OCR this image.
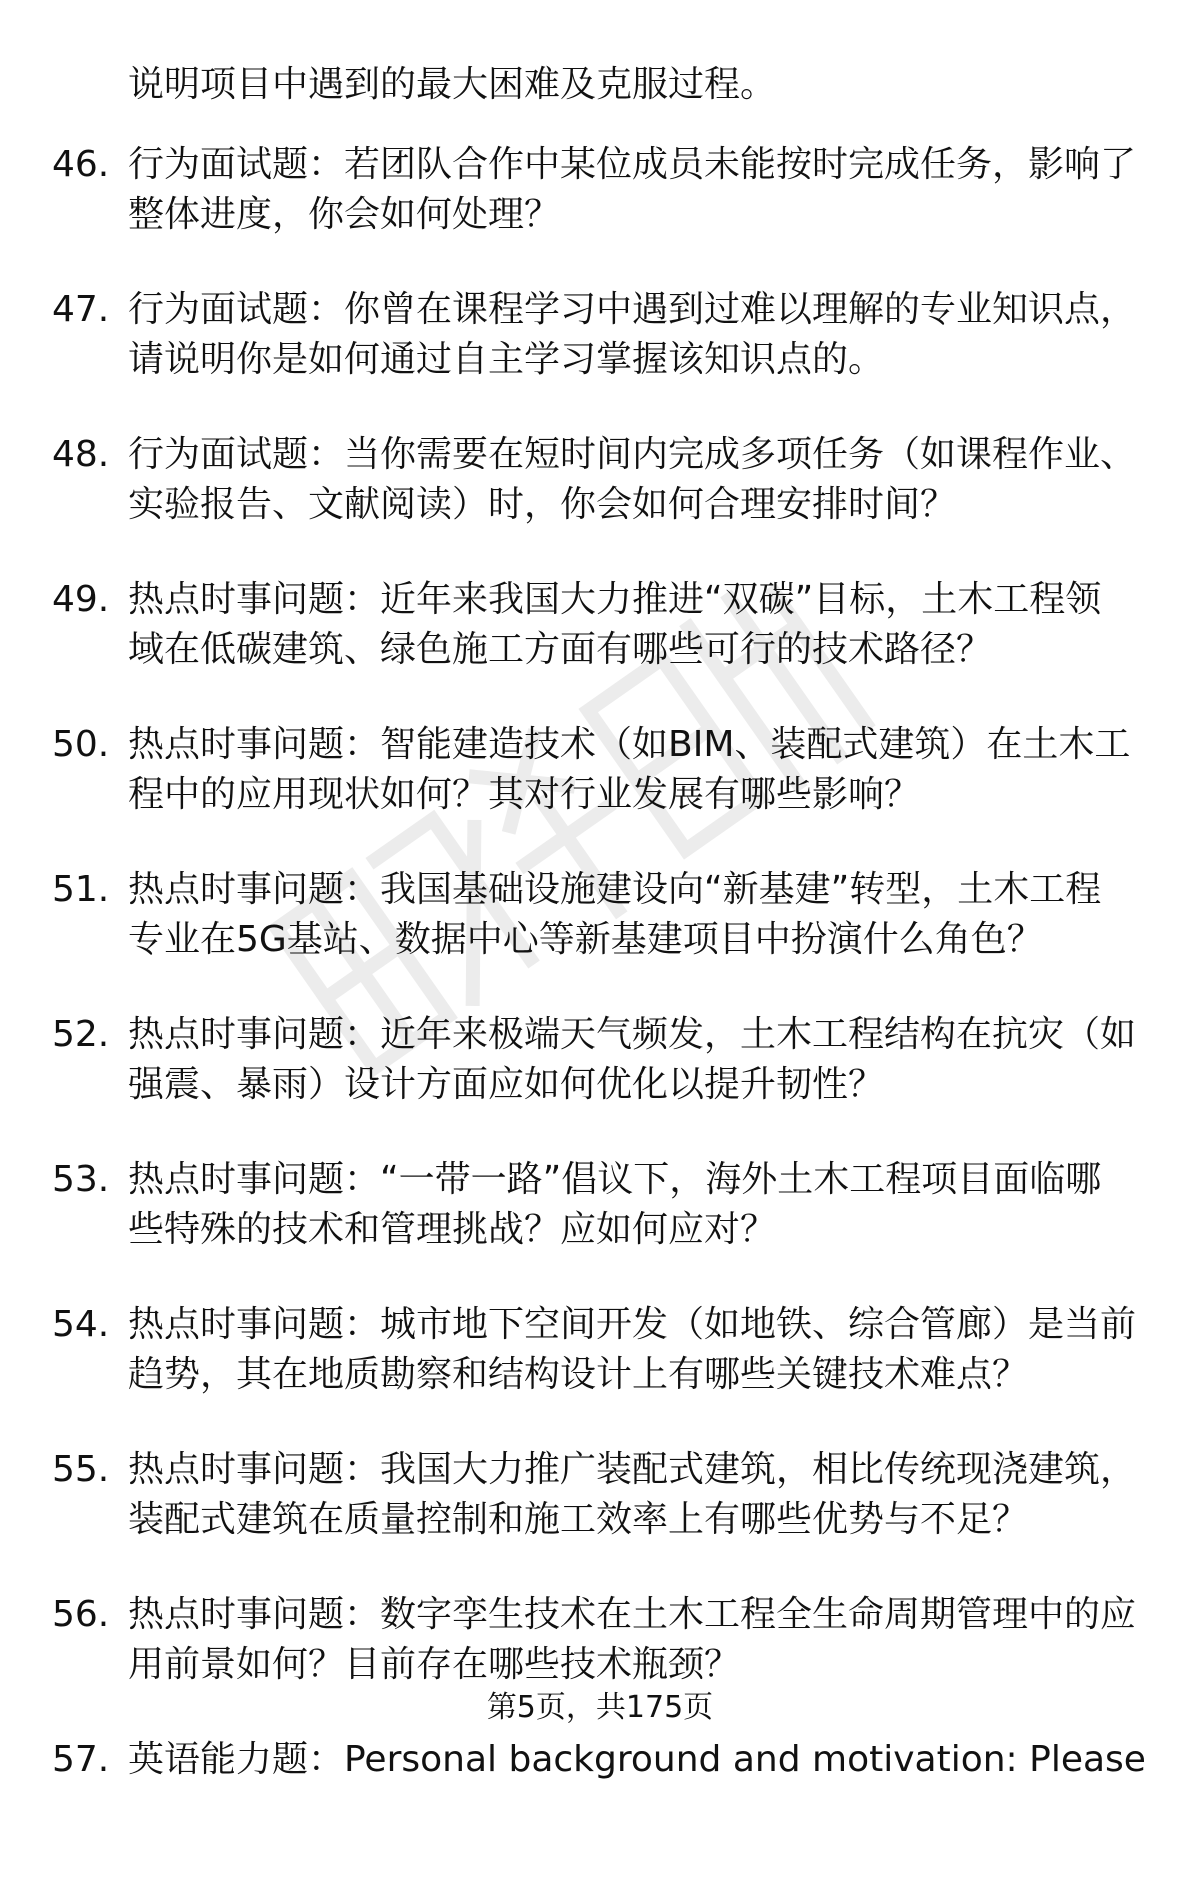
说明项目中遇到的最大困难及克服过程。
46. 行为面试题：若团队合作中某位成员未能按时完成任务，影响了
整体进度，你会如何处理？
47. 行为面试题：你曾在课程学习中遇到过难以理解的专业知识点，
请说明你是如何通过自主学习掌握该知识点的。
48. 行为面试题：当你需要在短时间内完成多项任务（如课程作业、
实验报告、文献阅读）时，你会如何合理安排时间？
49. 热点时事问题：近年来我国大力推进“双碳”目标，土木工程领
域在低碳建筑、绿色施工方面有哪些可行的技术路径？
50. 热点时事问题：智能建造技术（如BIM、装配式建筑）在土木工
程中的应用现状如何？其对行业发展有哪些影响？
51. 热点时事问题：我国基础设施建设向“新基建”转型，土木工程
专业在5G基站、数据中心等新基建项目中扮演什么角色？
52. 热点时事问题：近年来极端天气频发，土木工程结构在抗灾（如
强震、暴雨）设计方面应如何优化以提升韧性？
53. 热点时事问题：“一带一路”倡议下，海外土木工程项目面临哪
些特殊的技术和管理挑战？应如何应对？
54. 热点时事问题：城市地下空间开发（如地铁、综合管廊）是当前
趋势，其在地质勘察和结构设计上有哪些关键技术难点？
55. 热点时事问题：我国大力推广装配式建筑，相比传统现浇建筑，
装配式建筑在质量控制和施工效率上有哪些优势与不足？
56. 热点时事问题：数字孪生技术在土木工程全生命周期管理中的应
用前景如何？目前存在哪些技术瓶颈？
57. 英语能力题：Personal background and motivation: Please
第5页，共175页
